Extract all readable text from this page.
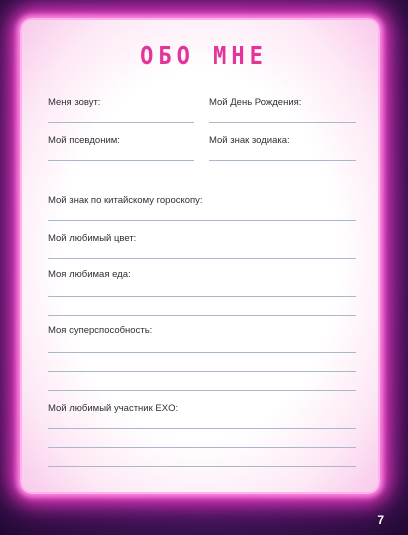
ОБО МНЕ
Меня зовут:	Мой День Рождения:
Мой псевдоним:	Мой знак зодиака:
Мой знак по китайскому гороскопу:
Мой любимый цвет:
Моя любимая еда:
Моя суперспособность:
Мой любимый участник EXO:
7
